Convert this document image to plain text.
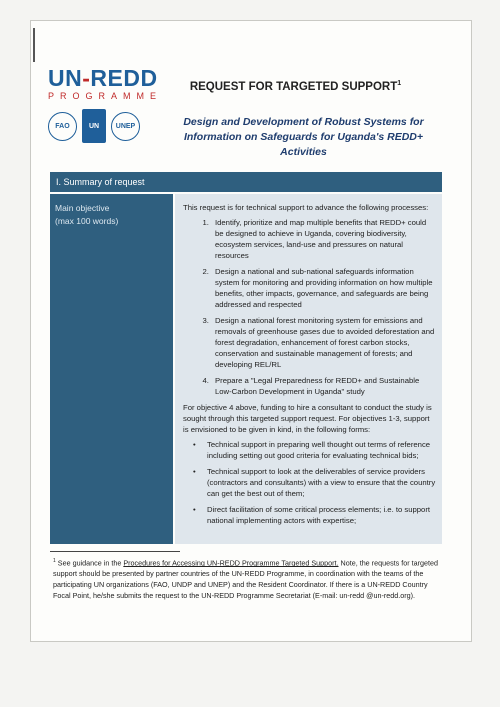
UN-REDD
PROGRAMME
FAO	UN	UNEP
REQUEST FOR TARGETED SUPPORT$^1$
Design and Development of Robust Systems for Information on Safeguards for Uganda's REDD+ Activities
I. Summary of request
Main objective
(max 100 words)

This request is for technical support to advance the following processes:

1. Identify, prioritize and map multiple benefits that REDD+ could be designed to achieve in Uganda, covering biodiversity, ecosystem services, land-use and pressures on natural resources
2. Design a national and sub-national safeguards information system for monitoring and providing information on how multiple benefits, other impacts, governance, and safeguards are being addressed and respected
3. Design a national forest monitoring system for emissions and removals of greenhouse gases due to avoided deforestation and forest degradation, enhancement of forest carbon stocks, conservation and sustainable management of forests; and developing REL/RL
4. Prepare a "Legal Preparedness for REDD+ and Sustainable Low-Carbon Development in Uganda" study

For objective 4 above, funding to hire a consultant to conduct the study is sought through this targeted support request. For objectives 1-3, support is envisioned to be given in kind, in the following forms:

• Technical support in preparing well thought out terms of reference including setting out good criteria for evaluating technical bids;
• Technical support to look at the deliverables of service providers (contractors and consultants) with a view to ensure that the country can get the best out of them;
• Direct facilitation of some critical process elements; i.e. to support national implementing actors with expertise;
$^1$ See guidance in the Procedures for Accessing UN-REDD Programme Targeted Support. Note, the requests for targeted support should be presented by partner countries of the UN-REDD Programme, in coordination with the teams of the participating UN organizations (FAO, UNDP and UNEP) and the Resident Coordinator. If there is a UN-REDD Country Focal Point, he/she submits the request to the UN-REDD Programme Secretariat (E-mail: un-redd @un-redd.org).
